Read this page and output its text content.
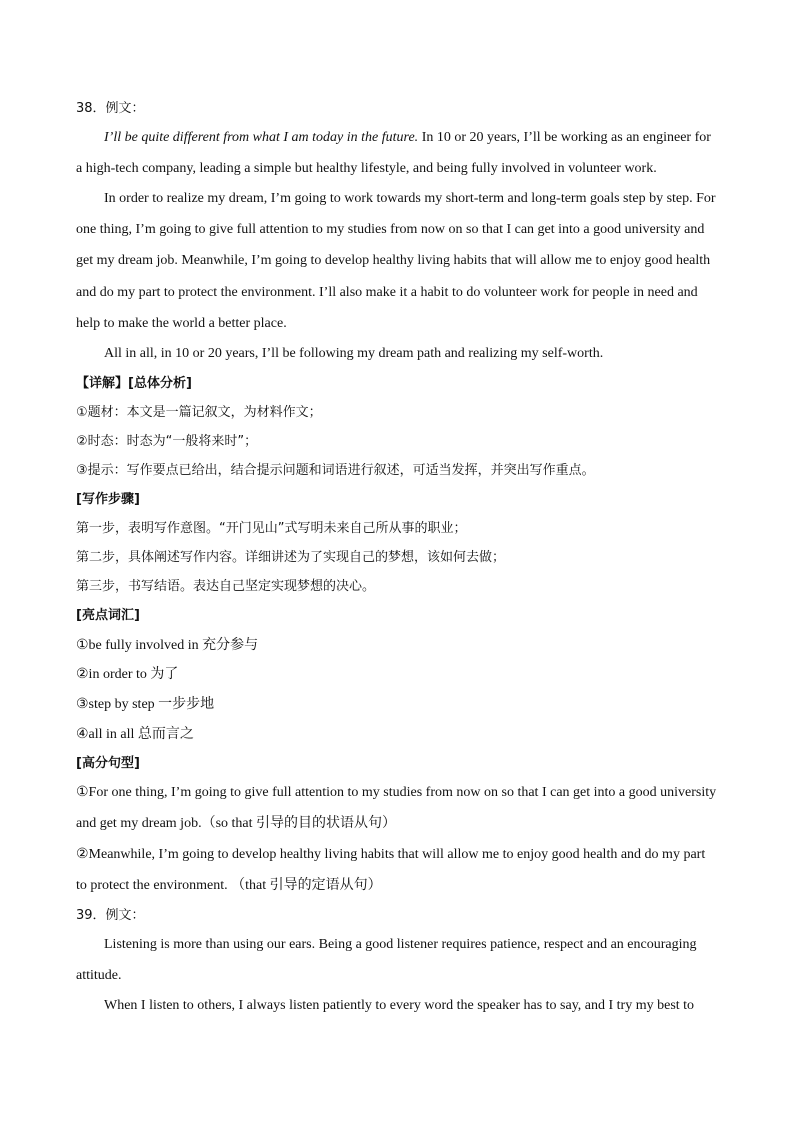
38．例文：
I’ll be quite different from what I am today in the future. In 10 or 20 years, I’ll be working as an engineer for
a high-tech company, leading a simple but healthy lifestyle, and being fully involved in volunteer work.
In order to realize my dream, I’m going to work towards my short-term and long-term goals step by step. For
one thing, I’m going to give full attention to my studies from now on so that I can get into a good university and
get my dream job. Meanwhile, I’m going to develop healthy living habits that will allow me to enjoy good health
and do my part to protect the environment. I’ll also make it a habit to do volunteer work for people in need and
help to make the world a better place.
All in all, in 10 or 20 years, I’ll be following my dream path and realizing my self-worth.
【详解】[总体分析]
①题材：本文是一篇记叙文，为材料作文；
②时态：时态为“一般将来时”；
③提示：写作要点已给出，结合提示问题和词语进行叙述，可适当发挥，并突出写作重点。
[写作步骤]
第一步，表明写作意图。“开门见山”式写明未来自己所从事的职业；
第二步，具体阐述写作内容。详细讲述为了实现自己的梦想，该如何去做；
第三步，书写结语。表达自己坚定实现梦想的决心。
[亮点词汇]
①be fully involved in 充分参与
②in order to 为了
③step by step 一步步地
④all in all 总而言之
[高分句型]
①For one thing, I’m going to give full attention to my studies from now on so that I can get into a good university
and get my dream job.（so that 引导的目的状语从句）
②Meanwhile, I’m going to develop healthy living habits that will allow me to enjoy good health and do my part
to protect the environment. （that 引导的定语从句）
39．例文：
Listening is more than using our ears. Being a good listener requires patience, respect and an encouraging
attitude.
When I listen to others, I always listen patiently to every word the speaker has to say, and I try my best to
